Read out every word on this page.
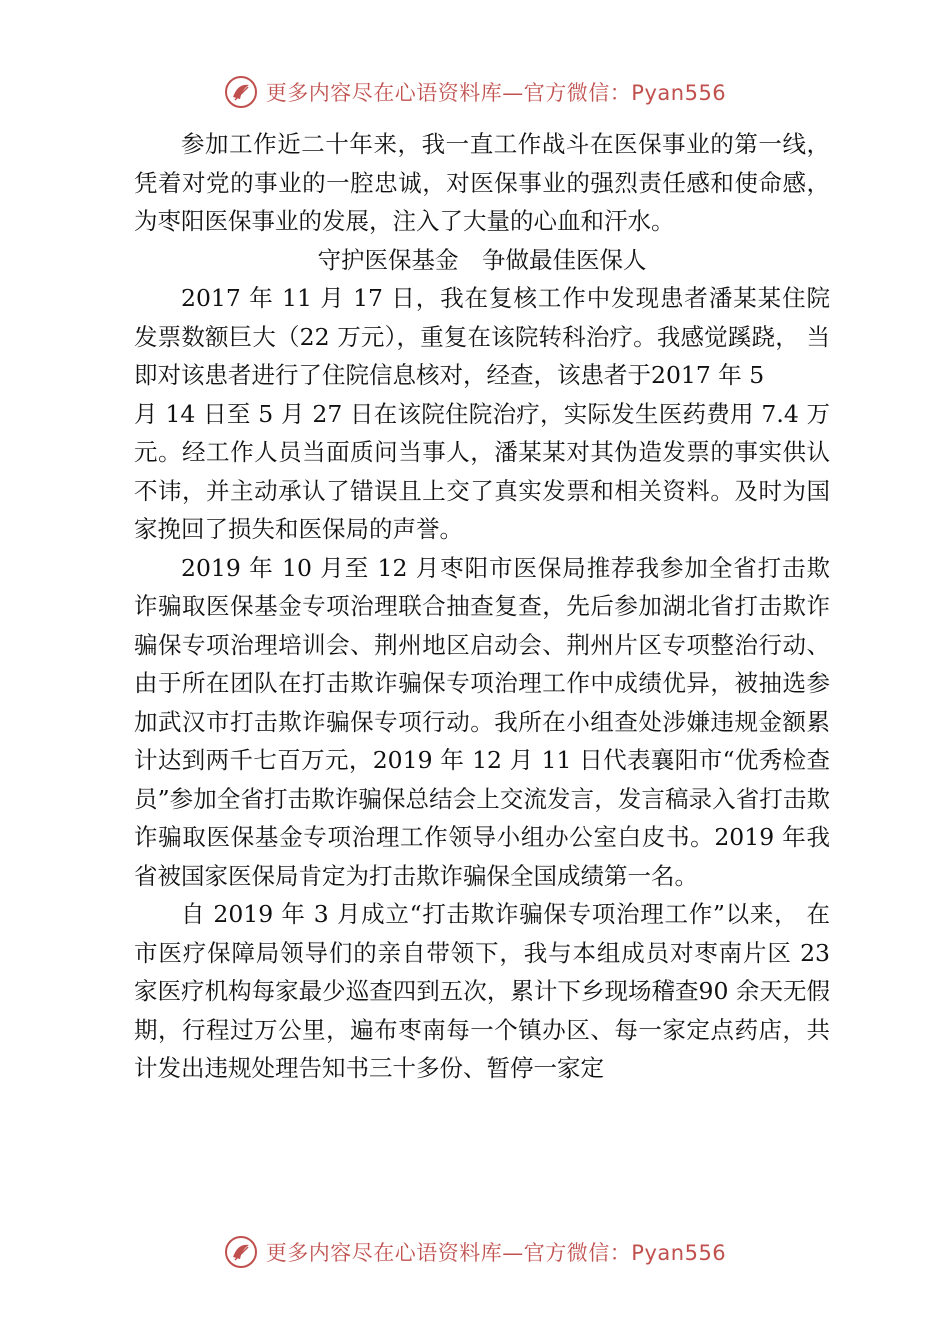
更多内容尽在心语资料库—官方微信：Pyan556

参加工作近二十年来，我一直工作战斗在医保事业的第一线，凭着对党的事业的一腔忠诚，对医保事业的强烈责任感和使命感，为枣阳医保事业的发展，注入了大量的心血和汗水。

守护医保基金　争做最佳医保人

2017 年 11 月 17 日，我在复核工作中发现患者潘某某住院发票数额巨大（22 万元），重复在该院转科治疗。我感觉蹊跷， 当即对该患者进行了住院信息核对，经查，该患者于2017 年 5

月 14 日至 5 月 27 日在该院住院治疗，实际发生医药费用 7.4 万元。经工作人员当面质问当事人，潘某某对其伪造发票的事实供认不讳，并主动承认了错误且上交了真实发票和相关资料。及时为国家挽回了损失和医保局的声誉。

2019 年 10 月至 12 月枣阳市医保局推荐我参加全省打击欺诈骗取医保基金专项治理联合抽查复查，先后参加湖北省打击欺诈骗保专项治理培训会、荆州地区启动会、荆州片区专项整治行动、由于所在团队在打击欺诈骗保专项治理工作中成绩优异，被抽选参加武汉市打击欺诈骗保专项行动。我所在小组查处涉嫌违规金额累计达到两千七百万元，2019 年 12 月 11 日代表襄阳市“优秀检查员”参加全省打击欺诈骗保总结会上交流发言，发言稿录入省打击欺诈骗取医保基金专项治理工作领导小组办公室白皮书。2019 年我省被国家医保局肯定为打击欺诈骗保全国成绩第一名。

自 2019 年 3 月成立“打击欺诈骗保专项治理工作”以来， 在市医疗保障局领导们的亲自带领下，我与本组成员对枣南片区 23 家医疗机构每家最少巡查四到五次，累计下乡现场稽查90 余天无假期，行程过万公里，遍布枣南每一个镇办区、每一家定点药店，共计发出违规处理告知书三十多份、暂停一家定

更多内容尽在心语资料库—官方微信：Pyan556
